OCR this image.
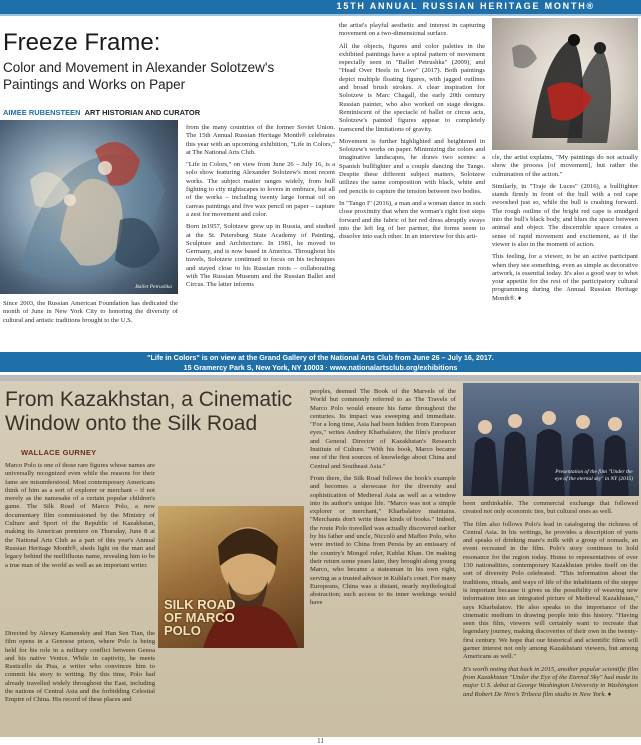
15TH ANNUAL RUSSIAN HERITAGE MONTH®
Freeze Frame:
Color and Movement in Alexander Solotzew's
Paintings and Works on Paper
AIMEE RUBENSTEEN ART HISTORIAN AND CURATOR
Ballet Petrushka

Since 2003, the Russian American Foundation has dedicated the month of June in New York City to honoring the diversity of cultural and artistic traditions brought to the U.S.

from the many countries of the former Soviet Union. The 15th Annual Russian Heritage Month® celebrates this year with an upcoming exhibition, "Life in Colors," at The National Arts Club.

"Life in Colors," on view from June 26 – July 16, is a solo show featuring Alexander Solotzew's most recent works. The subject matter ranges widely, from bull fighting to city nightscapes to lovers in embrace, but all of the works – including twenty large format oil on canvas paintings and five wax pencil on paper – capture a zest for movement and color.

Born in1957, Solotzew grew up in Russia, and studied at the St. Petersburg State Academy of Painting, Sculpture and Architecture. In 1981, he moved to Germany, and is now based in America. Throughout his travels, Solotzew continued to focus on his techniques and stayed close to his Russian roots – collaborating with The Russian Museum and the Russian Ballet and Circus. The latter informs

the artist's playful aesthetic and interest in capturing movement on a two-dimensional surface.

All the objects, figures and color palettes in the exhibited paintings have a spiral pattern of movement especially seen in "Ballet Petrushka" (2009), and "Head Over Heels in Love" (2017). Both paintings depict multiple floating figures, with jagged outlines and broad brush strokes. A clear inspiration for Solotzew is Marc Chagall, the early 20th century Russian painter, who also worked on stage designs. Reminiscent of the spectacle of ballet or circus acts, Solotzew's painted figures appear to completely transcend the limitations of gravity.

Movement is further highlighted and heightened in Solotzew's works on paper. Minimizing the colors and imaginative landscapes, he draws two scenes: a Spanish bullfighter and a couple dancing the Tango. Despite these different subject matters, Solotzew utilizes the same composition with black, white and red pencils to capture the tension between two bodies.

In "Tango I" (2016), a man and a woman dance in such close proximity that when the woman's right foot steps forward and the fabric of her red dress abruptly sways into the left leg of her partner, the forms seem to dissolve into each other. In an interview for this arti-

cle, the artist explains, "My paintings do not actually show the process [of movement], but rather the culmination of the action."

Similarly, in "Traje de Luces" (2016), a bullfighter stands firmly in front of the bull with a red cape swooshed just so, while the bull is crashing forward. The rough outline of the bright red cape is smudged into the bull's black body, and blurs the space between animal and object. The discernible space creates a sense of rapid movement and excitement, as if the viewer is also in the moment of action.

This feeling, for a viewer, to be an active participant when they see something, even as simple as decorative artwork, is essential today. It's also a good way to whet your appetite for the rest of the participatory cultural programming during the Annual Russian Heritage Month®. ♦

"Life in Colors" is on view at the Grand Gallery of the National Arts Club from June 26 – July 16, 2017.
15 Gramercy Park S, New York, NY 10003 · www.nationalartsclub.org/exhibitions
From Kazakhstan, a Cinematic
Window onto the Silk Road
WALLACE GURNEY

Marco Polo is one of those rare figures whose names are universally recognized even while the reasons for their fame are misunderstood. Most contemporary Americans think of him as a sort of explorer or merchant – if not merely as the namesake of a certain popular children's game. The Silk Road of Marco Polo, a new documentary film commissioned by the Ministry of Culture and Sport of the Republic of Kazakhstan, making its American premiere on Thursday, June 8 at the National Arts Club as a part of this year's Annual Russian Heritage Month®, sheds light on the man and legacy behind the mellifluous name, revealing him to be a true man of the world as well as an important writer.

Directed by Alexey Kamenskiy and Han Sen Tian, the film opens in a Genoese prison, where Polo is being held for his role in a military conflict between Genoa and his native Venice. While in captivity, he meets Rusticello da Pisa, a writer who convinces him to commit his story to writing. By this time, Polo had already travelled widely throughout the East, including the nations of Central Asia and the forbidding Celestial Empire of China. His record of these places and

SILK ROAD OF MARCO POLO

peoples, deemed The Book of the Marvels of the World but commonly referred to as The Travels of Marco Polo would ensure his fame throughout the centuries. Its impact was sweeping and immediate. "For a long time, Asia had been hidden from European eyes," writes Andrey Kharbalatov, the film's producer and General Director of Kazakhstan's Research Institute of Culture. "With his book, Marco became one of the first sources of knowledge about China and Central and Southeast Asia."

From there, the Silk Road follows the book's example and becomes a showcase for the diversity and sophistication of Medieval Asia as well as a window into its author's unique life. "Marco was not a simple explorer or merchant," Kharbalatov maintains. "Merchants don't write these kinds of books." Indeed, the route Polo travelled was actually discovered earlier by his father and uncle, Niccolò and Maffeo Polo, who were invited to China from Persia by an emissary of the country's Mongol ruler, Kublai Khan. On making their return some years later, they brought along young Marco, who became a statesman in his own right, serving as a trusted advisor in Kublai's court. For many Europeans, China was a distant, nearly mythological abstraction; such access to its inner workings would have

Presentation of the film "Under the eye of the eternal sky" in NY (2015)

been unthinkable. The commercial exchange that followed created not only economic ties, but cultural ones as well.

The film also follows Polo's lead in cataloguing the richness of Central Asia. In his writings, he provides a description of yurts and speaks of drinking mare's milk with a group of nomads, an event recreated in the film. Polo's story continues to hold resonance for the region today. Home to representatives of over 130 nationalities, contemporary Kazakhstan prides itself on the sort of diversity Polo celebrated. "This information about the traditions, rituals, and ways of life of the inhabitants of the steppe is important because it gives us the possibility of weaving new information into an integrated picture of Medieval Kazakhstan," says Kharbalatov. He also speaks to the importance of the cinematic medium in drawing people into this history. "Having seen this film, viewers will certainly want to recreate that legendary journey, making discoveries of their own in the twenty-first century. We hope that our historical and scientific films will garner interest not only among Kazakhstani viewers, but among Americans as well."

It's worth noting that back in 2015, another popular scientific film from Kazakhstan "Under the Eye of the Eternal Sky" had made its major U.S. debut at George Washington University in Washington and Robert De Niro's Tribeca film studio in New York. ♦

11
